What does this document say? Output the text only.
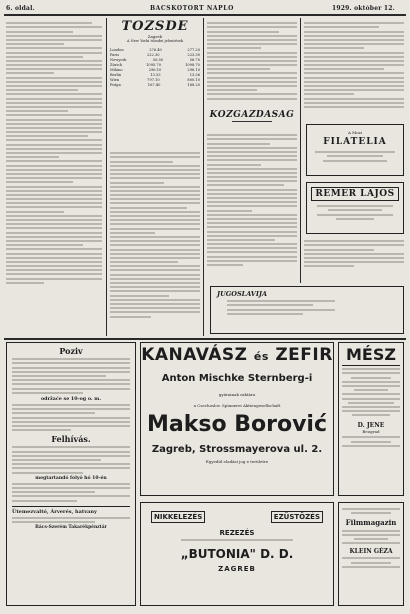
6. oldal.	BACSKOTORT NAPLO	1929. október 12.
TŐZSDE
Zagreb
A New Yorki tőzsdei jelentések
London	276.40	277.20
Paris	222.30	223.30
Newyork	56.50	56.70
Zürich	1095.70	1098.70
Milano	296.10	298.10
Berlin	13.53	13.56
Wien	797.10	800.10
Prága	167.40	168.20
KÖZGAZDASÁG
A Mozi
FILATELIA
REMER LAJOS
JUGOSLAVIJA
Poziv
održaće se 10-og o. m.
Felhívás.
megtartandó folyó hó 10-én
Ütemezvaltó, Árverés, hatvany
Bács-Szerém Takarékpénztár
KANAVÁSZ és ZEFIR
Anton Mischke Sternberg-i
gyárainak raktára
a Csechoslov. Spinnerei Aktiengesellschaft
Makso Borović
Zagreb, Strossmayerova ul. 2.
Egyedül eladási jog e területre
MÉSZ
D. JENE
Beograd
NIKKELEZÉS	EZÜSTÖZÉS
REZEZÉS
„BUTONIA" D. D.
ZAGREB
Filmmagazin
KLEIN GÉZA
